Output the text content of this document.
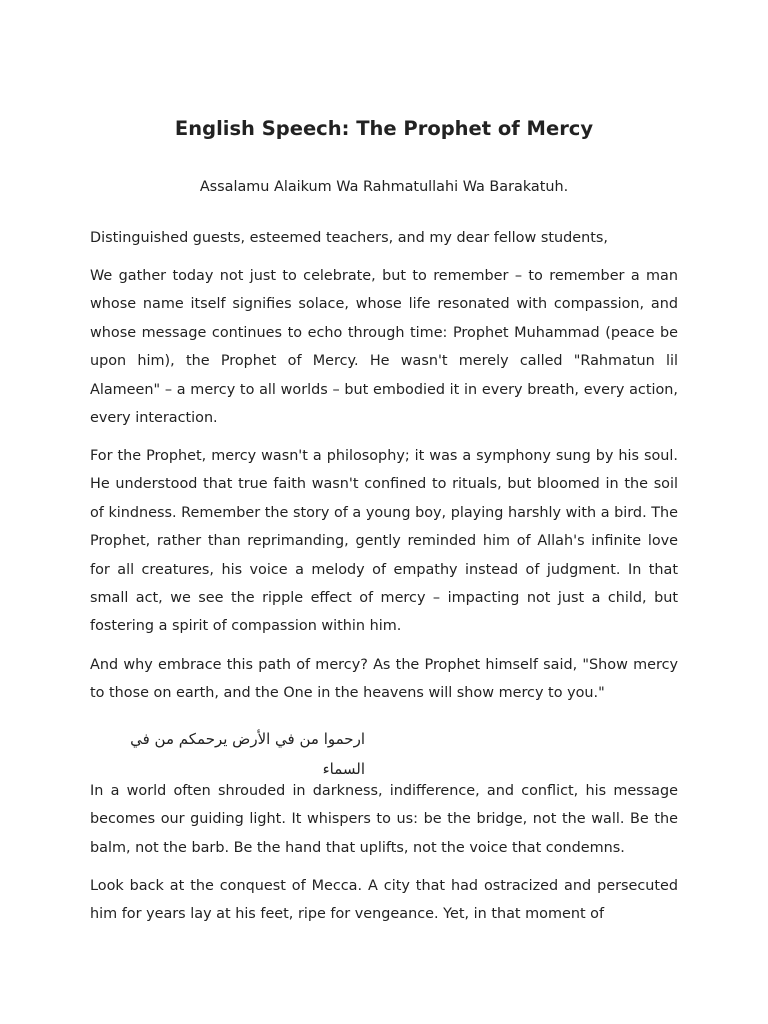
English Speech: The Prophet of Mercy
Assalamu Alaikum Wa Rahmatullahi Wa Barakatuh.

Distinguished guests, esteemed teachers, and my dear fellow students,

We gather today not just to celebrate, but to remember – to remember a man whose name itself signifies solace, whose life resonated with compassion, and whose message continues to echo through time: Prophet Muhammad (peace be upon him), the Prophet of Mercy. He wasn't merely called "Rahmatun lil Alameen" – a mercy to all worlds – but embodied it in every breath, every action, every interaction.

For the Prophet, mercy wasn't a philosophy; it was a symphony sung by his soul. He understood that true faith wasn't confined to rituals, but bloomed in the soil of kindness. Remember the story of a young boy, playing harshly with a bird. The Prophet, rather than reprimanding, gently reminded him of Allah's infinite love for all creatures, his voice a melody of empathy instead of judgment. In that small act, we see the ripple effect of mercy – impacting not just a child, but fostering a spirit of compassion within him.

And why embrace this path of mercy? As the Prophet himself said, "Show mercy to those on earth, and the One in the heavens will show mercy to you."

ارحموا من في الأرض يرحمكم من في السماء

In a world often shrouded in darkness, indifference, and conflict, his message becomes our guiding light. It whispers to us: be the bridge, not the wall. Be the balm, not the barb. Be the hand that uplifts, not the voice that condemns.

Look back at the conquest of Mecca. A city that had ostracized and persecuted him for years lay at his feet, ripe for vengeance. Yet, in that moment of
